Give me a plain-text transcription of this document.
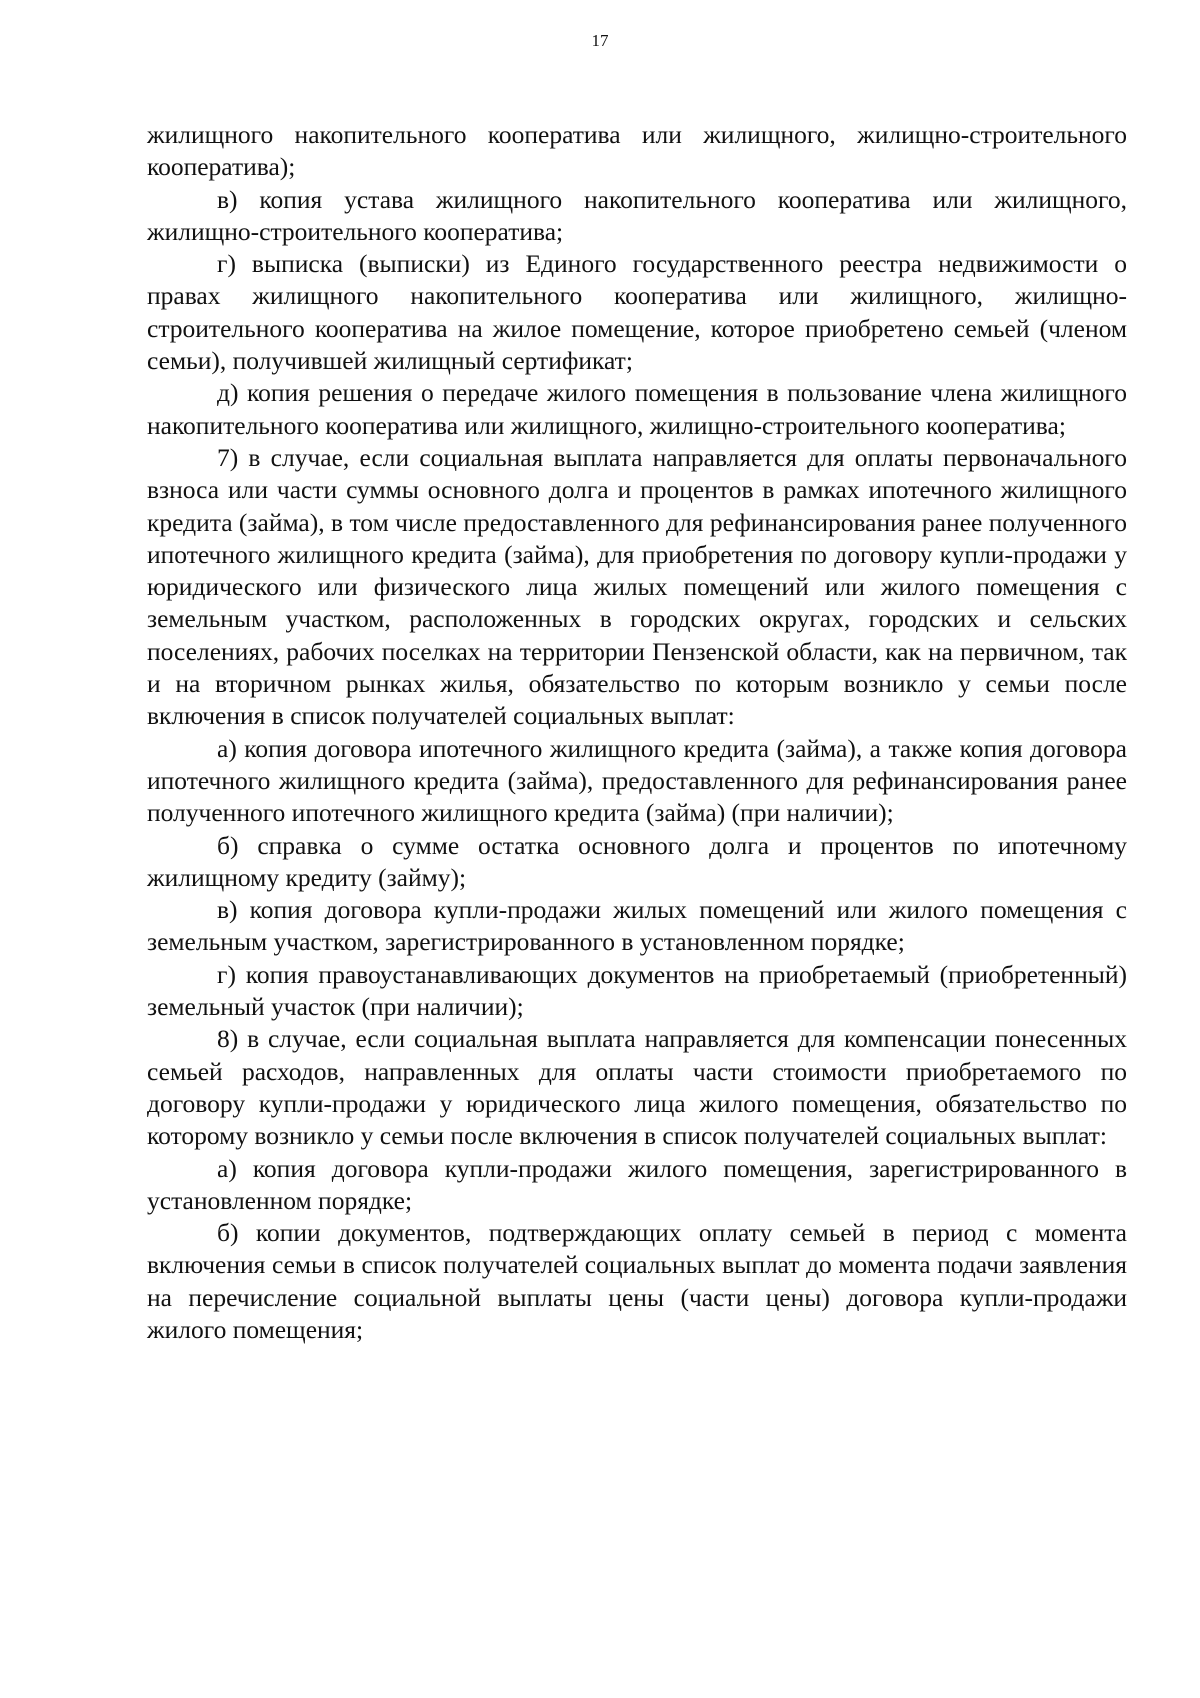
17

жилищного накопительного кооператива или жилищного, жилищно-строительного кооператива);

в) копия устава жилищного накопительного кооператива или жилищного, жилищно-строительного кооператива;

г) выписка (выписки) из Единого государственного реестра недвижимости о правах жилищного накопительного кооператива или жилищного, жилищно-строительного кооператива на жилое помещение, которое приобретено семьей (членом семьи), получившей жилищный сертификат;

д) копия решения о передаче жилого помещения в пользование члена жилищного накопительного кооператива или жилищного, жилищно-строительного кооператива;

7) в случае, если социальная выплата направляется для оплаты первоначального взноса или части суммы основного долга и процентов в рамках ипотечного жилищного кредита (займа), в том числе предоставленного для рефинансирования ранее полученного ипотечного жилищного кредита (займа), для приобретения по договору купли-продажи у юридического или физического лица жилых помещений или жилого помещения с земельным участком, расположенных в городских округах, городских и сельских поселениях, рабочих поселках на территории Пензенской области, как на первичном, так и на вторичном рынках жилья, обязательство по которым возникло у семьи после включения в список получателей социальных выплат:

а) копия договора ипотечного жилищного кредита (займа), а также копия договора ипотечного жилищного кредита (займа), предоставленного для рефинансирования ранее полученного ипотечного жилищного кредита (займа) (при наличии);

б) справка о сумме остатка основного долга и процентов по ипотечному жилищному кредиту (займу);

в) копия договора купли-продажи жилых помещений или жилого помещения с земельным участком, зарегистрированного в установленном порядке;

г) копия правоустанавливающих документов на приобретаемый (приобретенный) земельный участок (при наличии);

8) в случае, если социальная выплата направляется для компенсации понесенных семьей расходов, направленных для оплаты части стоимости приобретаемого по договору купли-продажи у юридического лица жилого помещения, обязательство по которому возникло у семьи после включения в список получателей социальных выплат:

а) копия договора купли-продажи жилого помещения, зарегистрированного в установленном порядке;

б) копии документов, подтверждающих оплату семьей в период с момента включения семьи в список получателей социальных выплат до момента подачи заявления на перечисление социальной выплаты цены (части цены) договора купли-продажи жилого помещения;
